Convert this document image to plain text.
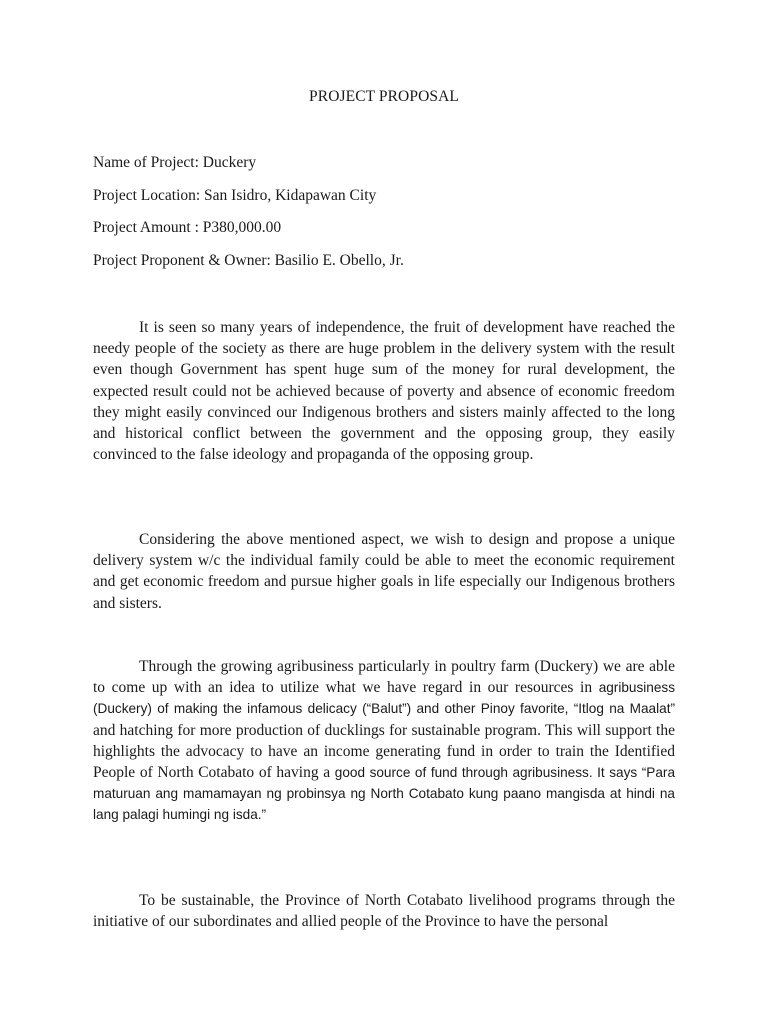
PROJECT PROPOSAL
Name of Project: Duckery
Project Location: San Isidro, Kidapawan City
Project Amount : P380,000.00
Project Proponent & Owner: Basilio E. Obello, Jr.
It is seen so many years of independence, the fruit of development have reached the needy people of the society as there are huge problem in the delivery system with the result even though Government has spent huge sum of the money for rural development, the expected result could not be achieved because of poverty and absence of economic freedom they might easily convinced our Indigenous brothers and sisters mainly affected to the long and historical conflict between the government and the opposing group, they easily convinced to the false ideology and propaganda of the opposing group.
Considering the above mentioned aspect, we wish to design and propose a unique delivery system w/c the individual family could be able to meet the economic requirement and get economic freedom and pursue higher goals in life especially our Indigenous brothers and sisters.
Through the growing agribusiness particularly in poultry farm (Duckery) we are able to come up with an idea to utilize what we have regard in our resources in agribusiness (Duckery) of making the infamous delicacy (“Balut”) and other Pinoy favorite, “Itlog na Maalat” and hatching for more production of ducklings for sustainable program. This will support the highlights the advocacy to have an income generating fund in order to train the Identified People of North Cotabato of having a good source of fund through agribusiness. It says “Para maturuan ang mamamayan ng probinsya ng North Cotabato kung paano mangisda at hindi na lang palagi humingi ng isda.”
To be sustainable, the Province of North Cotabato livelihood programs through the initiative of our subordinates and allied people of the Province to have the personal
